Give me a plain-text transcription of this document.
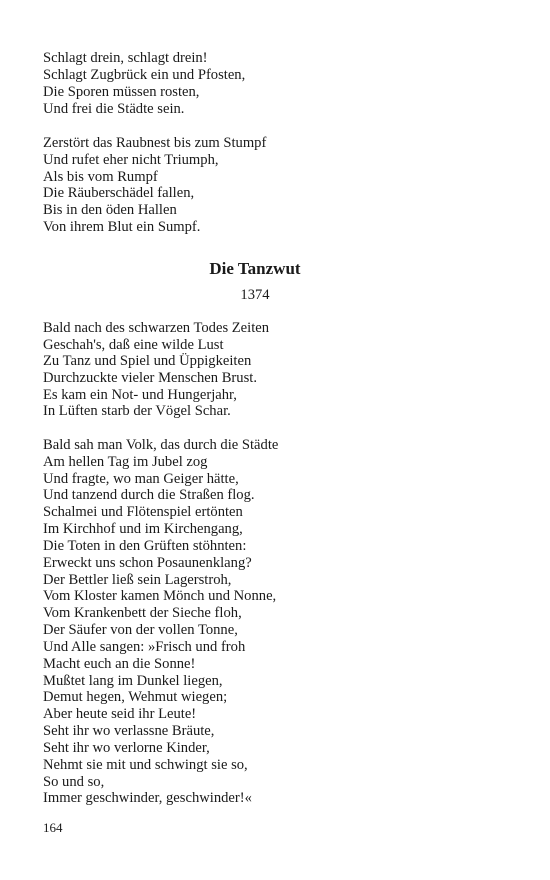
Schlagt drein, schlagt drein!
Schlagt Zugbrück ein und Pfosten,
Die Sporen müssen rosten,
Und frei die Städte sein.
Zerstört das Raubnest bis zum Stumpf
Und rufet eher nicht Triumph,
Als bis vom Rumpf
Die Räuberschädel fallen,
Bis in den öden Hallen
Von ihrem Blut ein Sumpf.
Die Tanzwut
1374
Bald nach des schwarzen Todes Zeiten
Geschah's, daß eine wilde Lust
Zu Tanz und Spiel und Üppigkeiten
Durchzuckte vieler Menschen Brust.
Es kam ein Not- und Hungerjahr,
In Lüften starb der Vögel Schar.
Bald sah man Volk, das durch die Städte
Am hellen Tag im Jubel zog
Und fragte, wo man Geiger hätte,
Und tanzend durch die Straßen flog.
Schalmei und Flötenspiel ertönten
Im Kirchhof und im Kirchengang,
Die Toten in den Grüften stöhnten:
Erweckt uns schon Posaunenklang?
Der Bettler ließ sein Lagerstroh,
Vom Kloster kamen Mönch und Nonne,
Vom Krankenbett der Sieche floh,
Der Säufer von der vollen Tonne,
Und Alle sangen: »Frisch und froh
Macht euch an die Sonne!
Mußtet lang im Dunkel liegen,
Demut hegen, Wehmut wiegen;
Aber heute seid ihr Leute!
Seht ihr wo verlassne Bräute,
Seht ihr wo verlorne Kinder,
Nehmt sie mit und schwingt sie so,
So und so,
Immer geschwinder, geschwinder!«
164
